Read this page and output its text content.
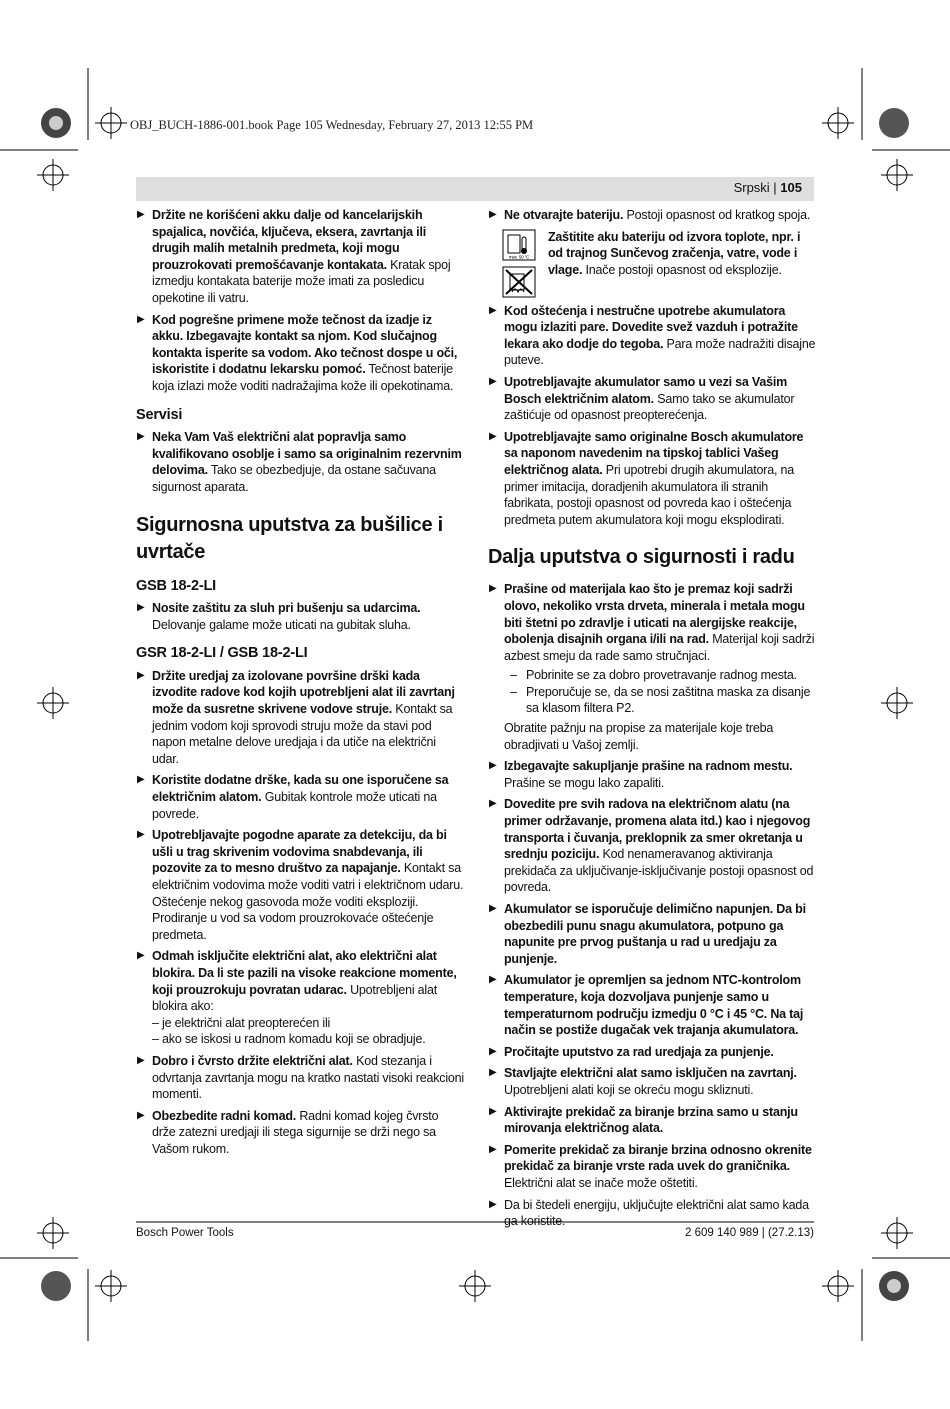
OBJ_BUCH-1886-001.book Page 105 Wednesday, February 27, 2013 12:55 PM
Srpski | 105

▶ Držite ne korišćeni akku dalje od kancelarijskih spajalica, novčića, ključeva, eksera, zavrtanja ili drugih malih metalnih predmeta, koji mogu prouzrokovati premošćavanje kontakata. Kratak spoj izmedju kontakata baterije može imati za posledicu opekotine ili vatru.

▶ Kod pogrešne primene može tečnost da izadje iz akku. Izbegavajte kontakt sa njom. Kod slučajnog kontakta isperite sa vodom. Ako tečnost dospe u oči, iskoristite i dodatnu lekarsku pomoć. Tečnost baterije koja izlazi može voditi nadražajima kože ili opekotinama.

Servisi

▶ Neka Vam Vaš električni alat popravlja samo kvalifikovano osoblje i samo sa originalnim rezervnim delovima. Tako se obezbedjuje, da ostane sačuvana sigurnost aparata.

Sigurnosna uputstva za bušilice i uvrtače
GSB 18-2-LI

▶ Nosite zaštitu za sluh pri bušenju sa udarcima. Delovanje galame može uticati na gubitak sluha.

GSR 18-2-LI / GSB 18-2-LI

▶ Držite uredjaj za izolovane površine drški kada izvodite radove kod kojih upotrebljeni alat ili zavrtanj može da susretne skrivene vodove struje. Kontakt sa jednim vodom koji sprovodi struju može da stavi pod napon metalne delove uredjaja i da utiče na električni udar.

▶ Koristite dodatne drške, kada su one isporučene sa električnim alatom. Gubitak kontrole može uticati na povrede.

▶ Upotrebljavajte pogodne aparate za detekciju, da bi ušli u trag skrivenim vodovima snabdevanja, ili pozovite za to mesno društvo za napajanje. Kontakt sa električnim vodovima može voditi vatri i električnom udaru. Oštećenje nekog gasovoda može voditi eksploziji. Prodiranje u vod sa vodom prouzrokovaće oštećenje predmeta.

▶ Odmah isključite električni alat, ako električni alat blokira. Da li ste pazili na visoke reakcione momente, koji prouzrokuju povratan udarac. Upotrebljeni alat blokira ako:
– je električni alat preopterećen ili
– ako se iskosi u radnom komadu koji se obradjuje.

▶ Dobro i čvrsto držite električni alat. Kod stezanja i odvrtanja zavrtanja mogu na kratko nastati visoki reakcioni momenti.

▶ Obezbedite radni komad. Radni komad kojeg čvrsto drže zatezni uredjaji ili stega sigurnije se drži nego sa Vašom rukom.

▶ Ne otvarajte bateriju. Postoji opasnost od kratkog spoja.

max. 50 °C

Zaštitite aku bateriju od izvora toplote, npr. i od trajnog Sunčevog zračenja, vatre, vode i vlage. Inače postoji opasnost od eksplozije.

▶ Kod oštećenja i nestručne upotrebe akumulatora mogu izlaziti pare. Dovedite svež vazduh i potražite lekara ako dodje do tegoba. Para može nadražiti disajne puteve.

▶ Upotrebljavajte akumulator samo u vezi sa Vašim Bosch električnim alatom. Samo tako se akumulator zaštićuje od opasnost preopterećenja.

▶ Upotrebljavajte samo originalne Bosch akumulatore sa naponom navedenim na tipskoj tablici Vašeg električnog alata. Pri upotrebi drugih akumulatora, na primer imitacija, doradjenih akumulatora ili stranih fabrikata, postoji opasnost od povreda kao i oštećenja predmeta putem akumulatora koji mogu eksplodirati.

Dalja uputstva o sigurnosti i radu

▶ Prašine od materijala kao što je premaz koji sadrži olovo, nekoliko vrsta drveta, minerala i metala mogu biti štetni po zdravlje i uticati na alergijske reakcije, obolenja disajnih organa i/ili na rad. Materijal koji sadrži azbest smeju da rade samo stručnjaci.

– Pobrinite se za dobro provetravanje radnog mesta.

– Preporučuje se, da se nosi zaštitna maska za disanje sa klasom filtera P2.

Obratite pažnju na propise za materijale koje treba obradjivati u Vašoj zemlji.

▶ Izbegavajte sakupljanje prašine na radnom mestu. Prašine se mogu lako zapaliti.

▶ Dovedite pre svih radova na električnom alatu (na primer održavanje, promena alata itd.) kao i njegovog transporta i čuvanja, preklopnik za smer okretanja u srednju poziciju. Kod nenameravanog aktiviranja prekidača za uključivanje-isključivanje postoji opasnost od povreda.

▶ Akumulator se isporučuje delimično napunjen. Da bi obezbedili punu snagu akumulatora, potpuno ga napunite pre prvog puštanja u rad u uredjaju za punjenje.

▶ Akumulator je opremljen sa jednom NTC-kontrolom temperature, koja dozvoljava punjenje samo u temperaturnom području izmedju 0 °C i 45 °C. Na taj način se postiže dugačak vek trajanja akumulatora.

▶ Pročitajte uputstvo za rad uredjaja za punjenje.

▶ Stavljajte električni alat samo isključen na zavrtanj. Upotrebljeni alati koji se okreću mogu skliznuti.

▶ Aktivirajte prekidač za biranje brzina samo u stanju mirovanja električnog alata.

▶ Pomerite prekidač za biranje brzina odnosno okrenite prekidač za biranje vrste rada uvek do graničnika. Električni alat se inače može oštetiti.

▶ Da bi štedeli energiju, uključujte električni alat samo kada ga koristite.

Bosch Power Tools	2 609 140 989 | (27.2.13)
